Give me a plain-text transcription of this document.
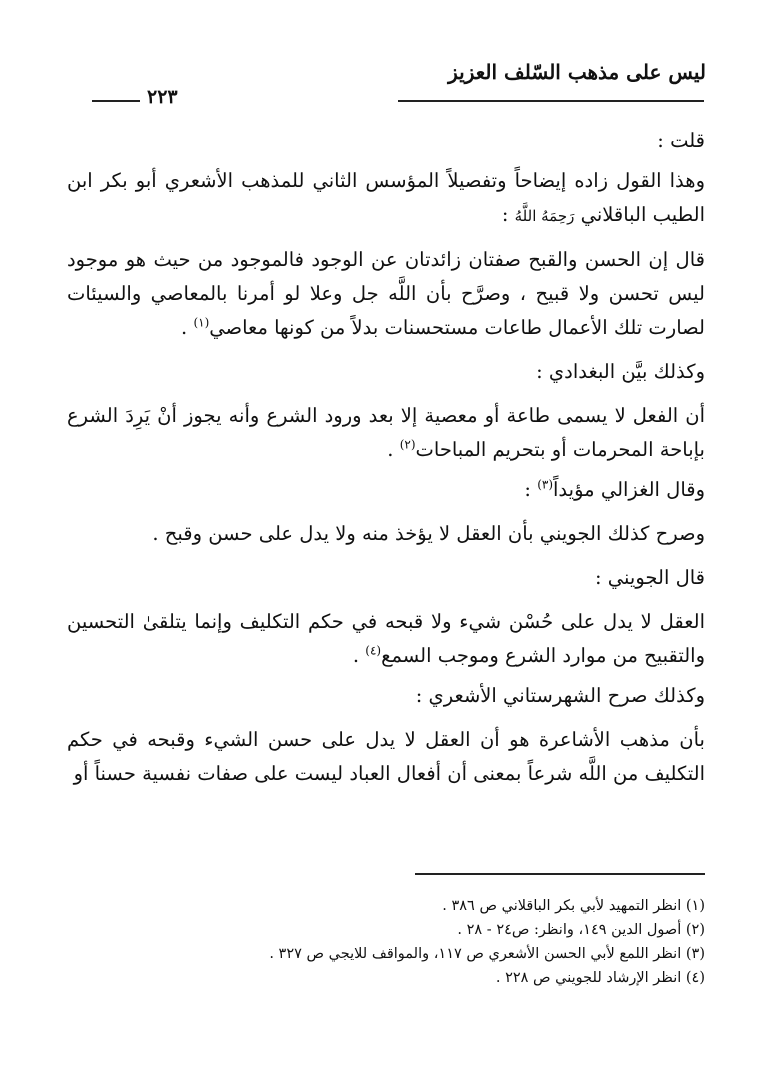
ليس على مذهب السّلف العزيز
٢٢٣

قلت :

وهذا القول زاده إيضاحاً وتفصيلاً المؤسس الثاني للمذهب الأشعري أبو بكر ابن الطيب الباقلاني رَحِمَهُ اللَّهُ :

قال إن الحسن والقبح صفتان زائدتان عن الوجود فالموجود من حيث هو موجود ليس تحسن ولا قبيح ، وصرَّح بأن اللَّه جل وعلا لو أمرنا بالمعاصي والسيئات لصارت تلك الأعمال طاعات مستحسنات بدلاً من كونها معاصي$^{(١)}$ .

وكذلك بيَّن البغدادي :

أن الفعل لا يسمى طاعة أو معصية إلا بعد ورود الشرع وأنه يجوز أنْ يَرِدَ الشرع بإباحة المحرمات أو بتحريم المباحات$^{(٢)}$ .

وقال الغزالي مؤيداً$^{(٣)}$ :

وصرح كذلك الجويني بأن العقل لا يؤخذ منه ولا يدل على حسن وقبح .

قال الجويني :

العقل لا يدل على حُسْن شيء ولا قبحه في حكم التكليف وإنما يتلقىٰ التحسين والتقبيح من موارد الشرع وموجب السمع$^{(٤)}$ .

وكذلك صرح الشهرستاني الأشعري :

بأن مذهب الأشاعرة هو أن العقل لا يدل على حسن الشيء وقبحه في حكم التكليف من اللَّه شرعاً بمعنى أن أفعال العباد ليست على صفات نفسية حسناً أو

(١) انظر التمهيد لأبي بكر الباقلاني ص ٣٨٦ .

(٢) أصول الدين ١٤٩، وانظر: ص٢٤ - ٢٨ .

(٣) انظر اللمع لأبي الحسن الأشعري ص ١١٧، والمواقف للايجي ص ٣٢٧ .

(٤) انظر الإرشاد للجويني ص ٢٢٨ .
